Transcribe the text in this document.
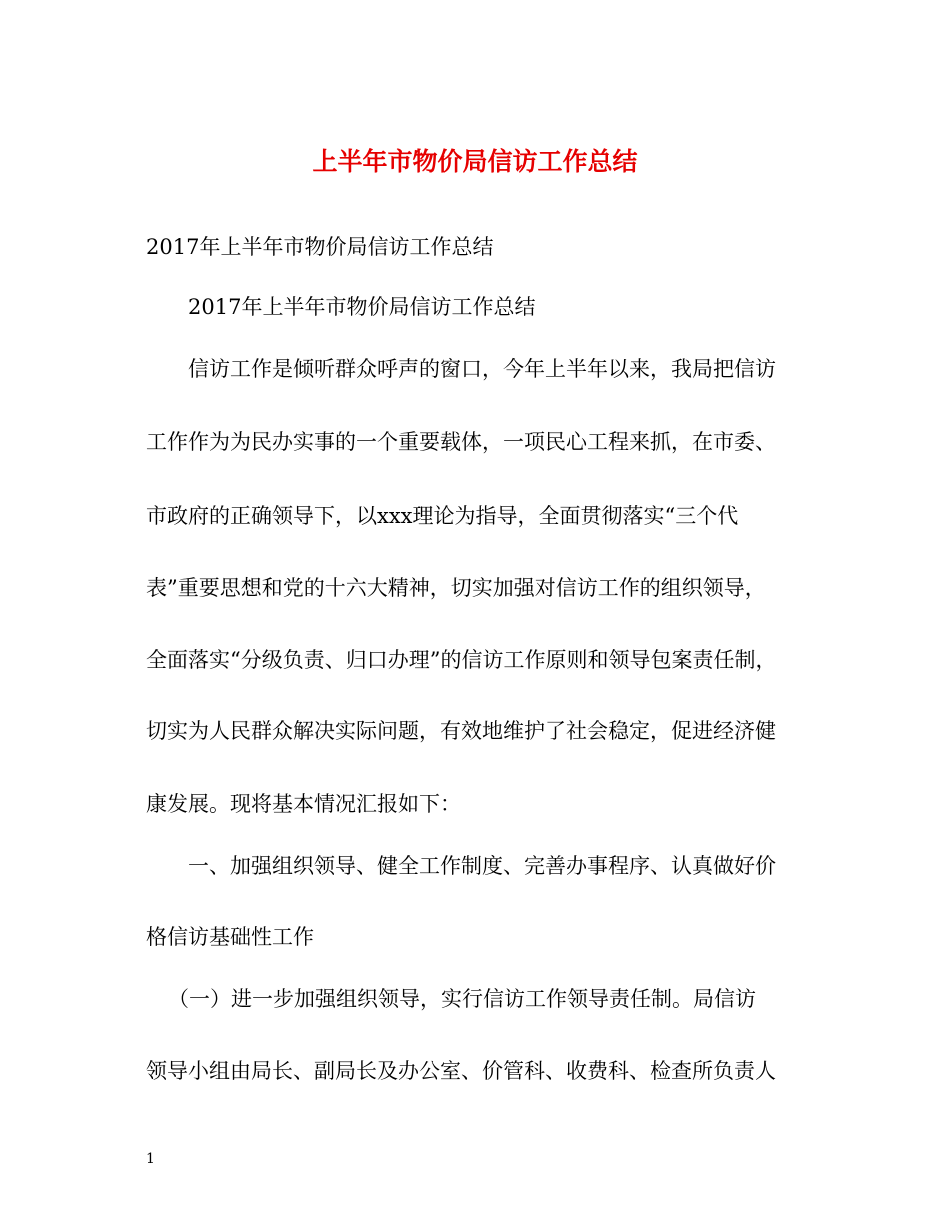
上半年市物价局信访工作总结
2017年上半年市物价局信访工作总结
2017年上半年市物价局信访工作总结
信访工作是倾听群众呼声的窗口，今年上半年以来，我局把信访
工作作为为民办实事的一个重要载体，一项民心工程来抓，在市委、
市政府的正确领导下，以xxx理论为指导，全面贯彻落实“三个代
表”重要思想和党的十六大精神，切实加强对信访工作的组织领导，
全面落实“分级负责、归口办理”的信访工作原则和领导包案责任制，
切实为人民群众解决实际问题，有效地维护了社会稳定，促进经济健
康发展。现将基本情况汇报如下：
一、加强组织领导、健全工作制度、完善办事程序、认真做好价
格信访基础性工作
（一）进一步加强组织领导，实行信访工作领导责任制。局信访
领导小组由局长、副局长及办公室、价管科、收费科、检查所负责人
1
